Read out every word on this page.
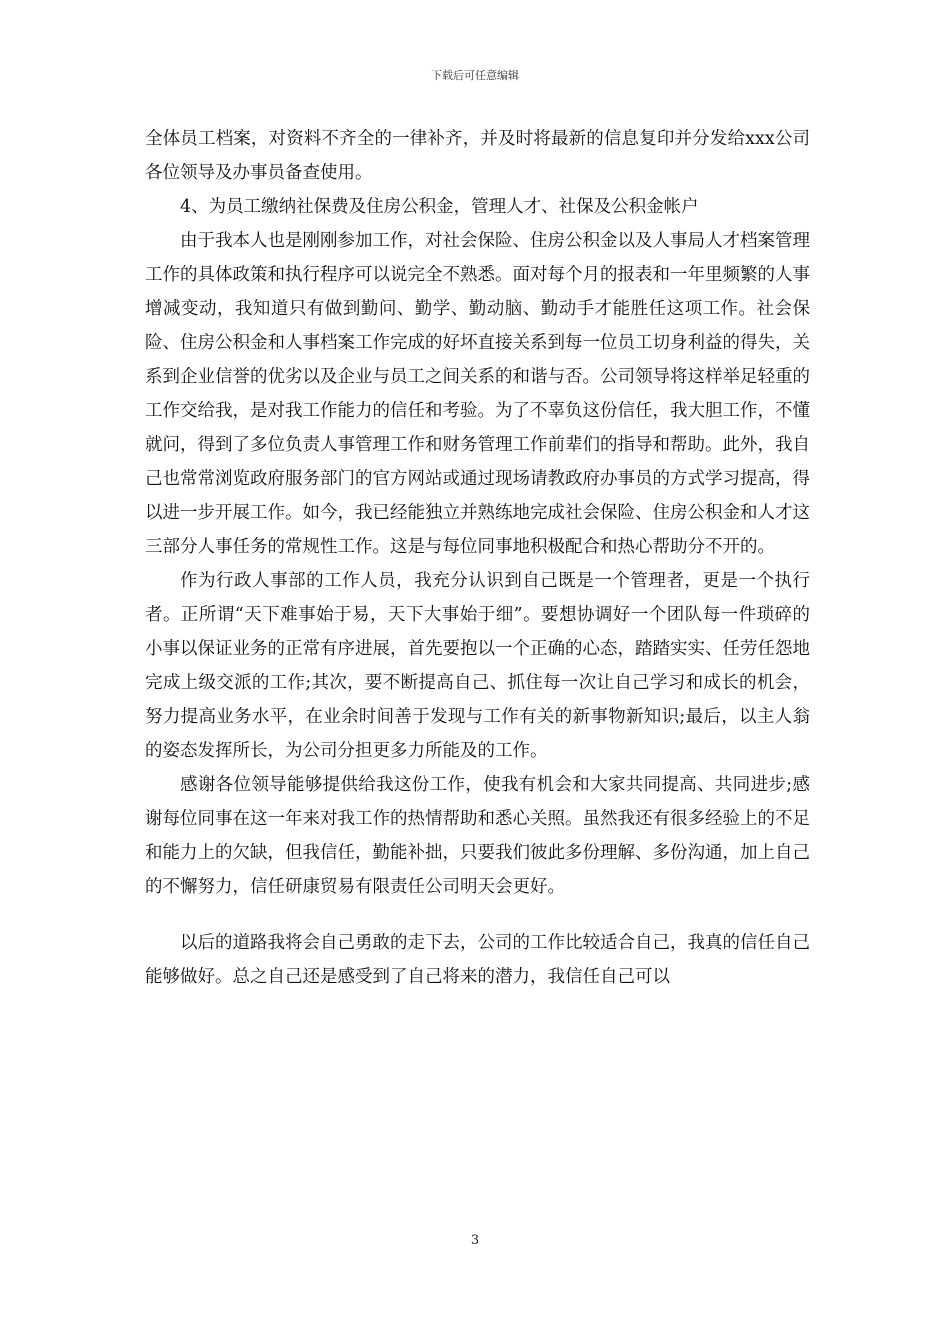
下载后可任意编辑

全体员工档案，对资料不齐全的一律补齐，并及时将最新的信息复印并分发给xxx公司各位领导及办事员备查使用。

4、为员工缴纳社保费及住房公积金，管理人才、社保及公积金帐户

由于我本人也是刚刚参加工作，对社会保险、住房公积金以及人事局人才档案管理工作的具体政策和执行程序可以说完全不熟悉。面对每个月的报表和一年里频繁的人事增减变动，我知道只有做到勤问、勤学、勤动脑、勤动手才能胜任这项工作。社会保险、住房公积金和人事档案工作完成的好坏直接关系到每一位员工切身利益的得失，关系到企业信誉的优劣以及企业与员工之间关系的和谐与否。公司领导将这样举足轻重的工作交给我，是对我工作能力的信任和考验。为了不辜负这份信任，我大胆工作，不懂就问，得到了多位负责人事管理工作和财务管理工作前辈们的指导和帮助。此外，我自己也常常浏览政府服务部门的官方网站或通过现场请教政府办事员的方式学习提高，得以进一步开展工作。如今，我已经能独立并熟练地完成社会保险、住房公积金和人才这三部分人事任务的常规性工作。这是与每位同事地积极配合和热心帮助分不开的。

作为行政人事部的工作人员，我充分认识到自己既是一个管理者，更是一个执行者。正所谓“天下难事始于易，天下大事始于细”。要想协调好一个团队每一件琐碎的小事以保证业务的正常有序进展，首先要抱以一个正确的心态，踏踏实实、任劳任怨地完成上级交派的工作;其次，要不断提高自己、抓住每一次让自己学习和成长的机会，努力提高业务水平，在业余时间善于发现与工作有关的新事物新知识;最后，以主人翁的姿态发挥所长，为公司分担更多力所能及的工作。

感谢各位领导能够提供给我这份工作，使我有机会和大家共同提高、共同进步;感谢每位同事在这一年来对我工作的热情帮助和悉心关照。虽然我还有很多经验上的不足和能力上的欠缺，但我信任，勤能补拙，只要我们彼此多份理解、多份沟通，加上自己的不懈努力，信任研康贸易有限责任公司明天会更好。

以后的道路我将会自己勇敢的走下去，公司的工作比较适合自己，我真的信任自己能够做好。总之自己还是感受到了自己将来的潜力，我信任自己可以

3
